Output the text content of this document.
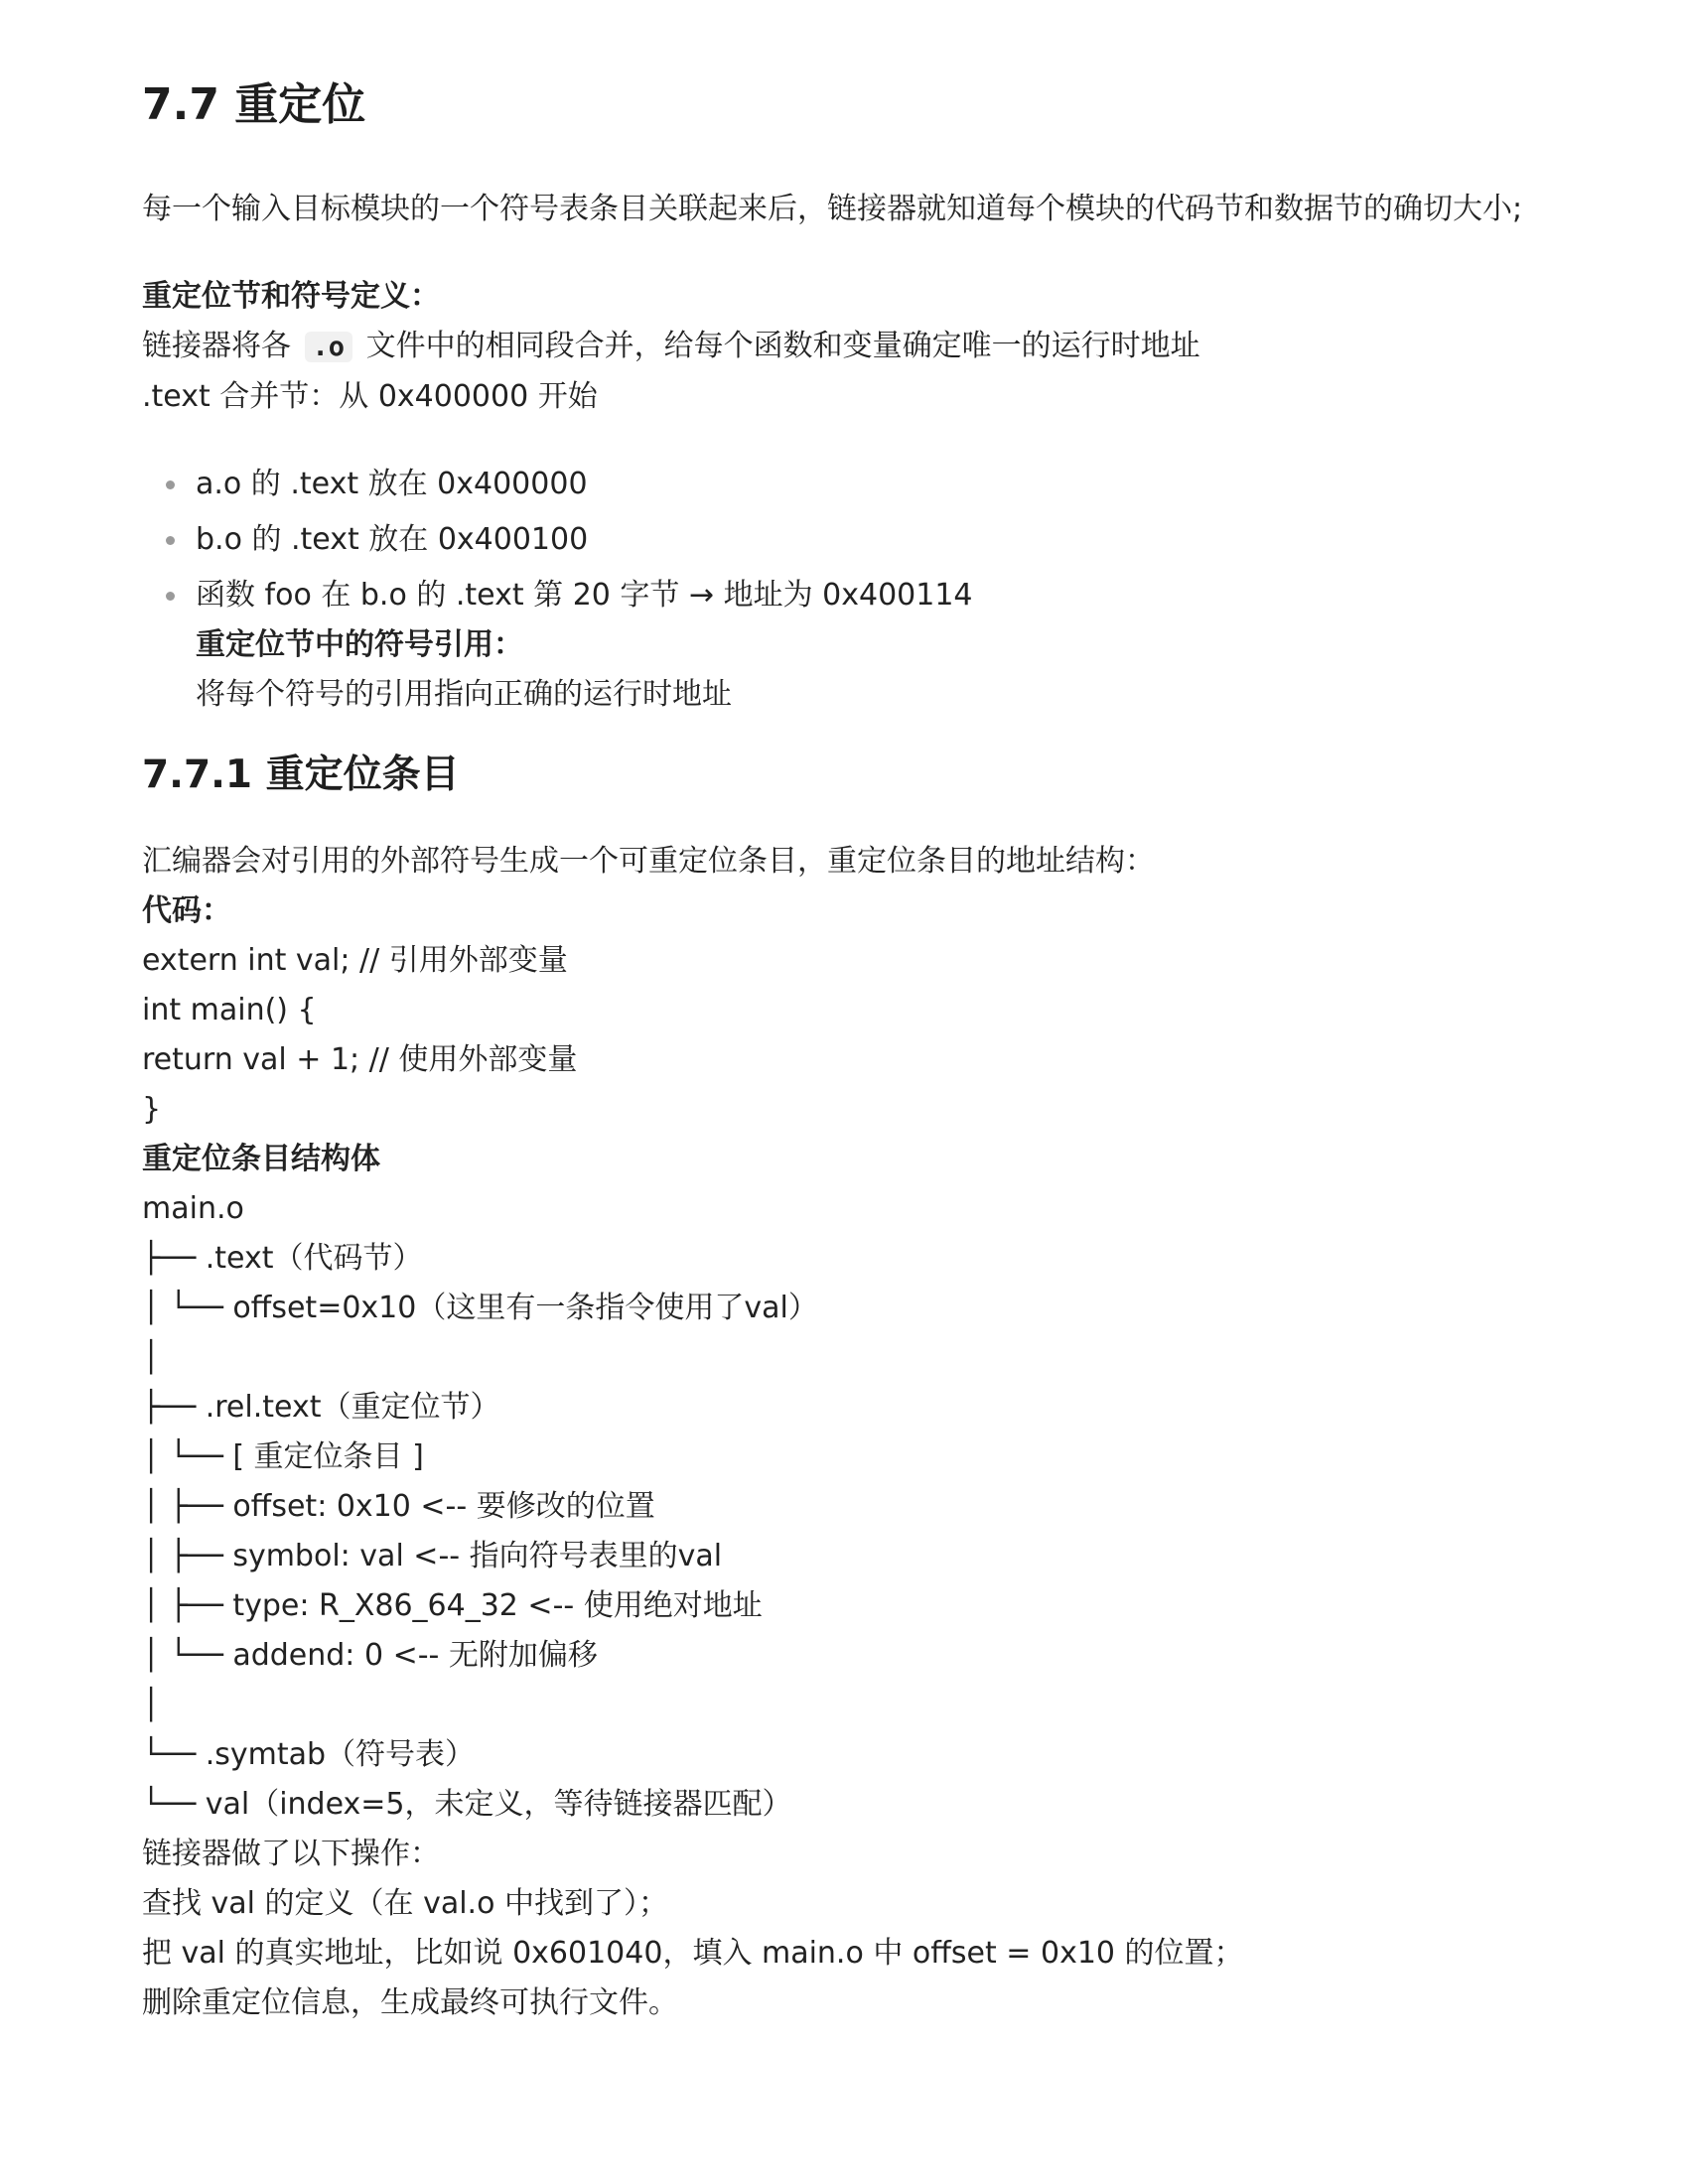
7.7 重定位

每一个输入目标模块的一个符号表条目关联起来后，链接器就知道每个模块的代码节和数据节的确切大小;

重定位节和符号定义：

链接器将各 .o 文件中的相同段合并，给每个函数和变量确定唯一的运行时地址

.text 合并节：从 0x400000 开始

a.o 的 .text 放在 0x400000
b.o 的 .text 放在 0x400100
函数 foo 在 b.o 的 .text 第 20 字节 → 地址为 0x400114
重定位节中的符号引用：
将每个符号的引用指向正确的运行时地址
7.7.1 重定位条目

汇编器会对引用的外部符号生成一个可重定位条目，重定位条目的地址结构：

代码：

extern int val; // 引用外部变量

int main() {

return val + 1; // 使用外部变量

}

重定位条目结构体

main.o

├── .text（代码节）

│ └── offset=0x10（这里有一条指令使用了val）

│

├── .rel.text（重定位节）

│ └── [ 重定位条目 ]

│ ├── offset: 0x10 <-- 要修改的位置

│ ├── symbol: val <-- 指向符号表里的val

│ ├── type: R_X86_64_32 <-- 使用绝对地址

│ └── addend: 0 <-- 无附加偏移

│

└── .symtab（符号表）

└── val（index=5，未定义，等待链接器匹配）

链接器做了以下操作：

查找 val 的定义（在 val.o 中找到了）；

把 val 的真实地址，比如说 0x601040，填入 main.o 中 offset = 0x10 的位置；

删除重定位信息，生成最终可执行文件。
